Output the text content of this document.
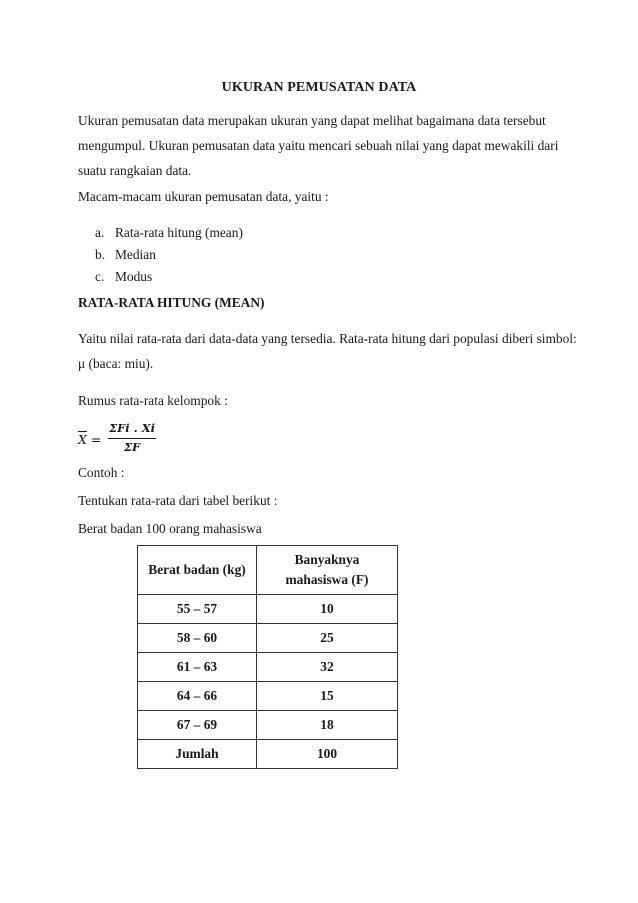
UKURAN PEMUSATAN DATA

Ukuran pemusatan data merupakan ukuran yang dapat melihat bagaimana data tersebut
mengumpul. Ukuran pemusatan data yaitu mencari sebuah nilai yang dapat mewakili dari
suatu rangkaian data.

Macam-macam ukuran pemusatan data, yaitu :

a. Rata-rata hitung (mean)
b. Median
c. Modus
RATA-RATA HITUNG (MEAN)

Yaitu nilai rata-rata dari data-data yang tersedia. Rata-rata hitung dari populasi diberi simbol:
μ (baca: miu).

Rumus rata-rata kelompok :

$\overline{X}$ =
ΣFi . Xi
ΣF

Contoh :

Tentukan rata-rata dari tabel berikut :

Berat badan 100 orang mahasiswa

Berat badan (kg)	Banyaknya
mahasiswa (F)
55 – 57	10
58 – 60	25
61 – 63	32
64 – 66	15
67 – 69	18
Jumlah	100
